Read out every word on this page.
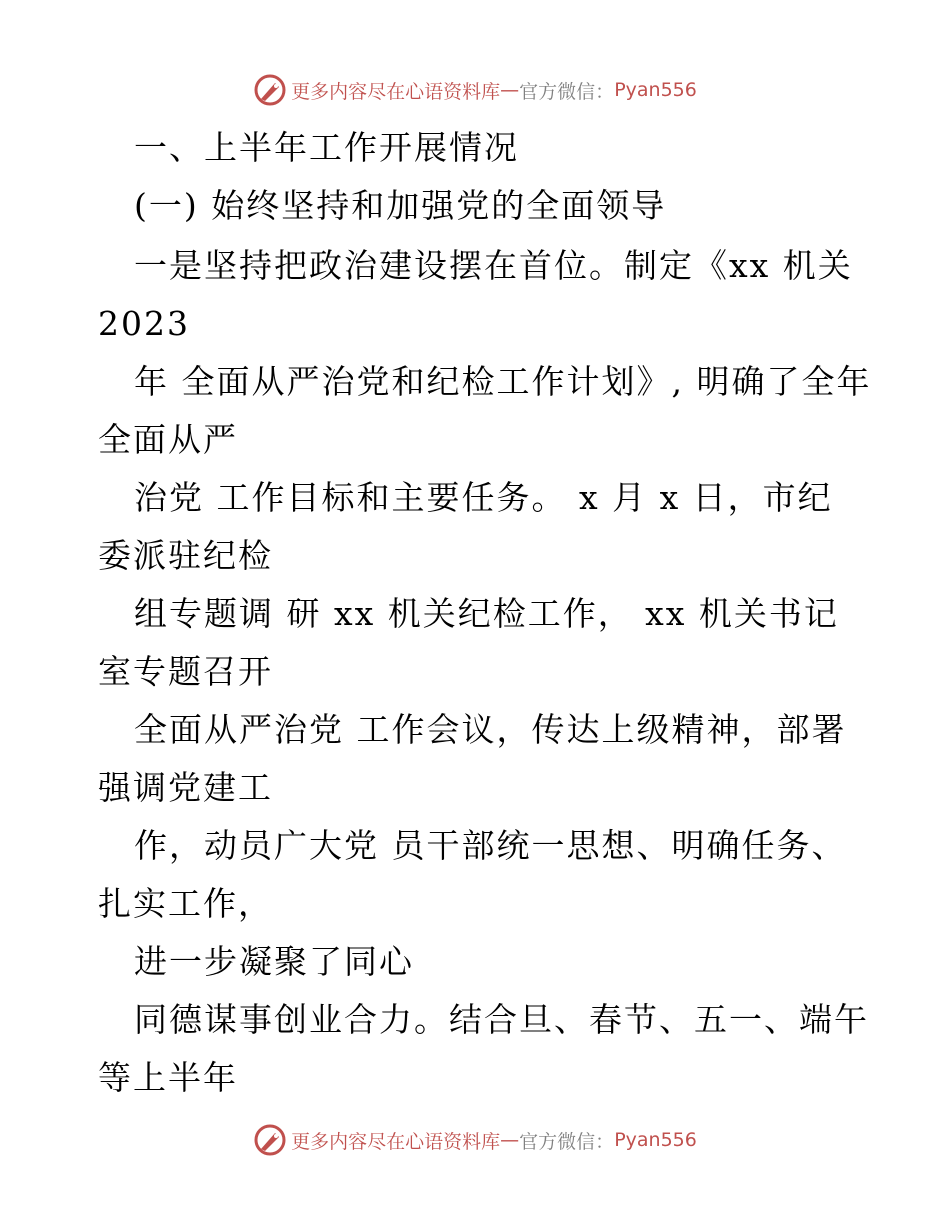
更多内容尽在心语资料库 — 官方微信： Pyan556
一、上半年工作开展情况
(一) 始终坚持和加强党的全面领导
一是坚持把政治建设摆在首位。制定《xx 机关
2023
年 全面从严治党和纪检工作计划》, 明确了全年
全面从严
治党 工作目标和主要任务。 x 月 x 日，市纪
委派驻纪检
组专题调 研 xx 机关纪检工作， xx 机关书记
室专题召开
全面从严治党 工作会议，传达上级精神，部署
强调党建工
作，动员广大党 员干部统一思想、明确任务、
扎实工作，
进一步凝聚了同心
同德谋事创业合力。结合旦、春节、五一、端午
等上半年
更多内容尽在心语资料库 — 官方微信： Pyan556
